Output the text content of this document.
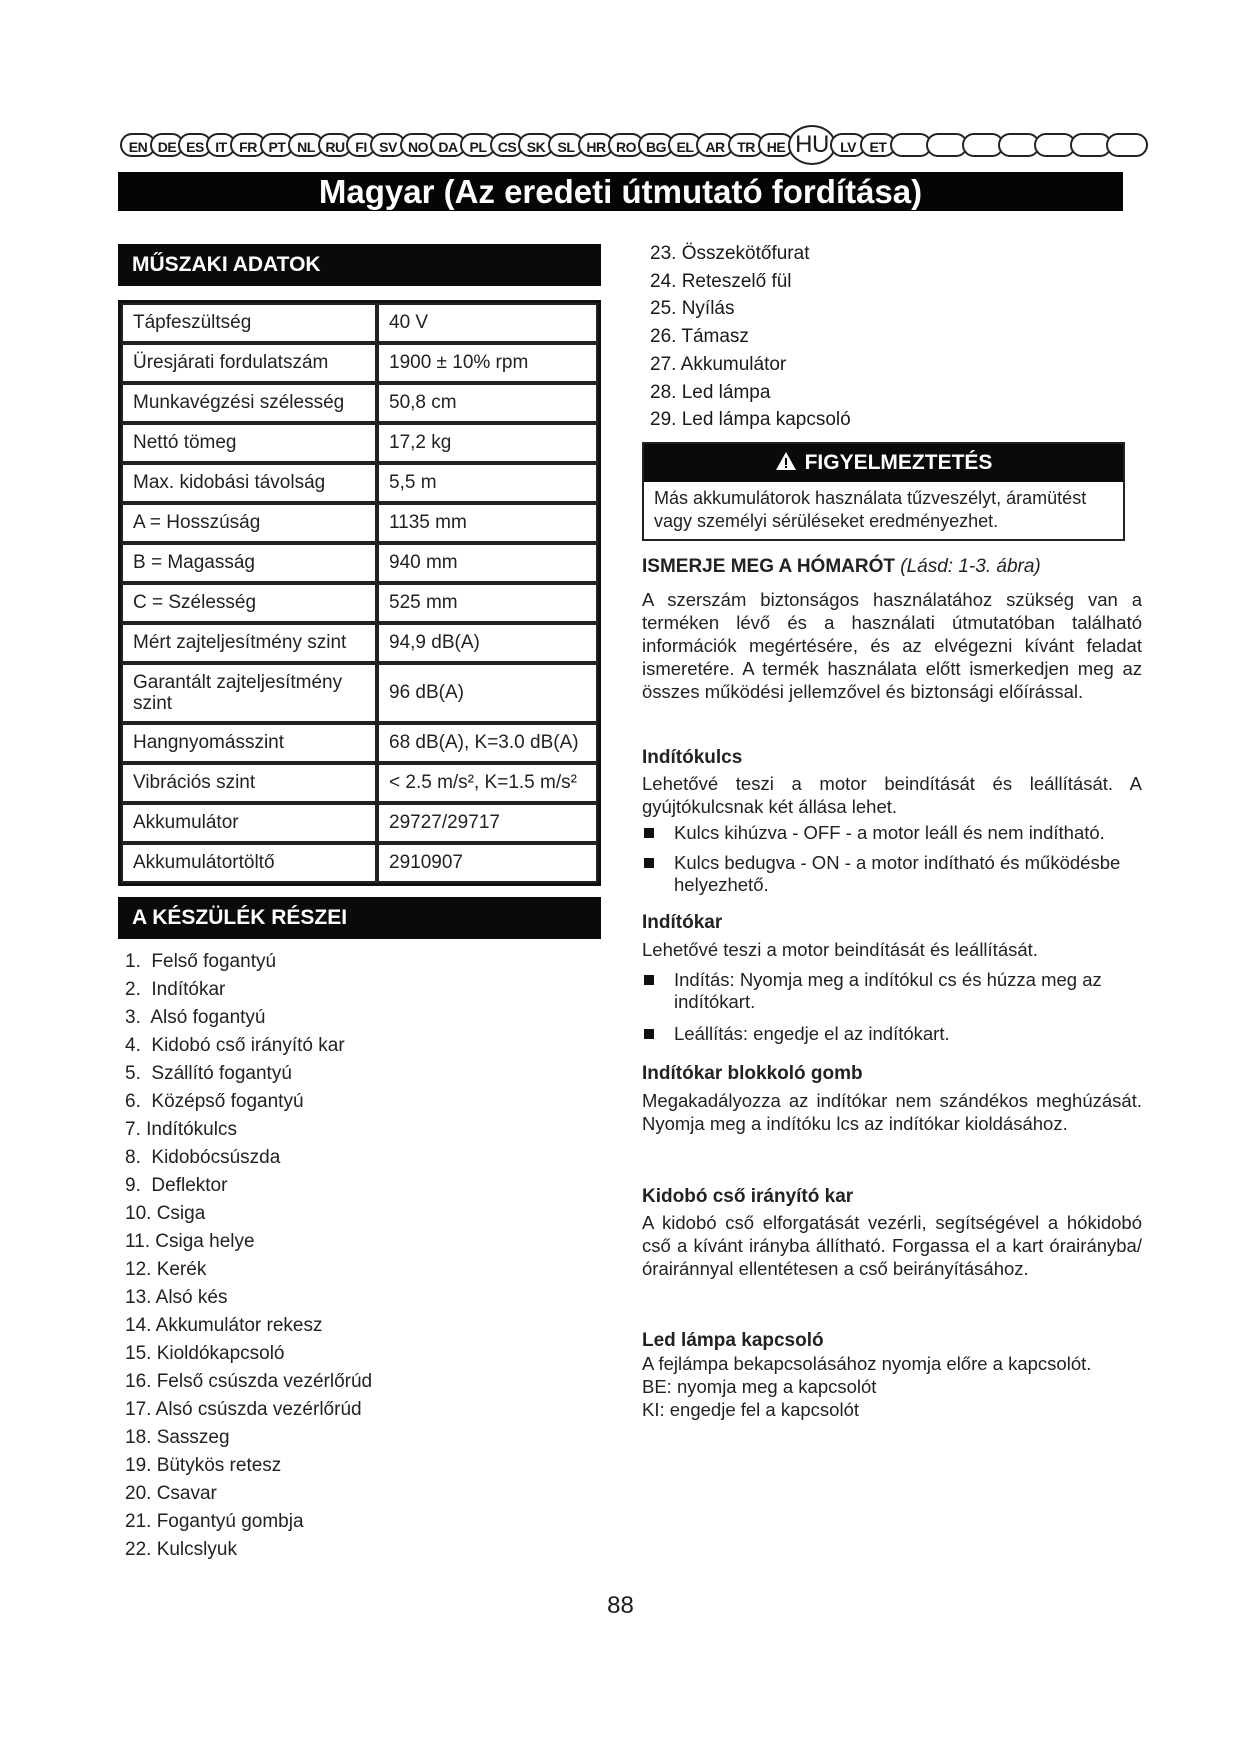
EN DE ES IT FR PT NL RU FI SV NO DA PL CS SK SL HR RO BG EL AR TR HE HU LV ET
Magyar (Az eredeti útmutató fordítása)
MŰSZAKI ADATOK
Tápfeszültség	40 V
Üresjárati fordulatszám	1900 ± 10% rpm
Munkavégzési szélesség	50,8 cm
Nettó tömeg	17,2 kg
Max. kidobási távolság	5,5 m
A = Hosszúság	1135 mm
B = Magasság	940 mm
C = Szélesség	525 mm
Mért zajteljesítmény szint	94,9 dB(A)
Garantált zajteljesítmény szint	96 dB(A)
Hangnyomásszint	68 dB(A), K=3.0 dB(A)
Vibrációs szint	< 2.5 m/s², K=1.5 m/s²
Akkumulátor	29727/29717
Akkumulátortöltő	2910907
A KÉSZÜLÉK RÉSZEI
1.  Felső fogantyú
2.  Indítókar
3.  Alsó fogantyú
4.  Kidobó cső irányító kar
5.  Szállító fogantyú
6.  Középső fogantyú
7. Indítókulcs
8.  Kidobócsúszda
9.  Deflektor
10. Csiga
11. Csiga helye
12. Kerék
13. Alsó kés
14. Akkumulátor rekesz
15. Kioldókapcsoló
16. Felső csúszda vezérlőrúd
17. Alsó csúszda vezérlőrúd
18. Sasszeg
19. Bütykös retesz
20. Csavar
21. Fogantyú gombja
22. Kulcslyuk
23. Összekötőfurat
24. Reteszelő fül
25. Nyílás
26. Támasz
27. Akkumulátor
28. Led lámpa
29. Led lámpa kapcsoló
FIGYELMEZTETÉS
Más akkumulátorok használata tűzveszélyt, áramütést vagy személyi sérüléseket eredményezhet.
ISMERJE MEG A HÓMARÓT (Lásd: 1-3. ábra)
A szerszám biztonságos használatához szükség van a terméken lévő és a használati útmutatóban található információk megértésére, és az elvégezni kívánt feladat ismeretére. A termék használata előtt ismerkedjen meg az összes működési jellemzővel és biztonsági előírással.
Indítókulcs
Lehetővé teszi a motor beindítását és leállítását. A gyújtókulcsnak két állása lehet.
Kulcs kihúzva - OFF - a motor leáll és nem indítható.
Kulcs bedugva - ON - a motor indítható és működésbe helyezhető.
Indítókar
Lehetővé teszi a motor beindítását és leállítását.
Indítás: Nyomja meg a indítókul cs és húzza meg az indítókart.
Leállítás: engedje el az indítókart.
Indítókar blokkoló gomb
Megakadályozza az indítókar nem szándékos meghúzását. Nyomja meg a indítóku lcs az indítókar kioldásához.
Kidobó cső irányító kar
A kidobó cső elforgatását vezérli, segítségével a hókidobó cső a kívánt irányba állítható. Forgassa el a kart órairányba/órairánnyal ellentétesen a cső beirányításához.
Led lámpa kapcsoló
A fejlámpa bekapcsolásához nyomja előre a kapcsolót.
BE: nyomja meg a kapcsolót
KI: engedje fel a kapcsolót
88
